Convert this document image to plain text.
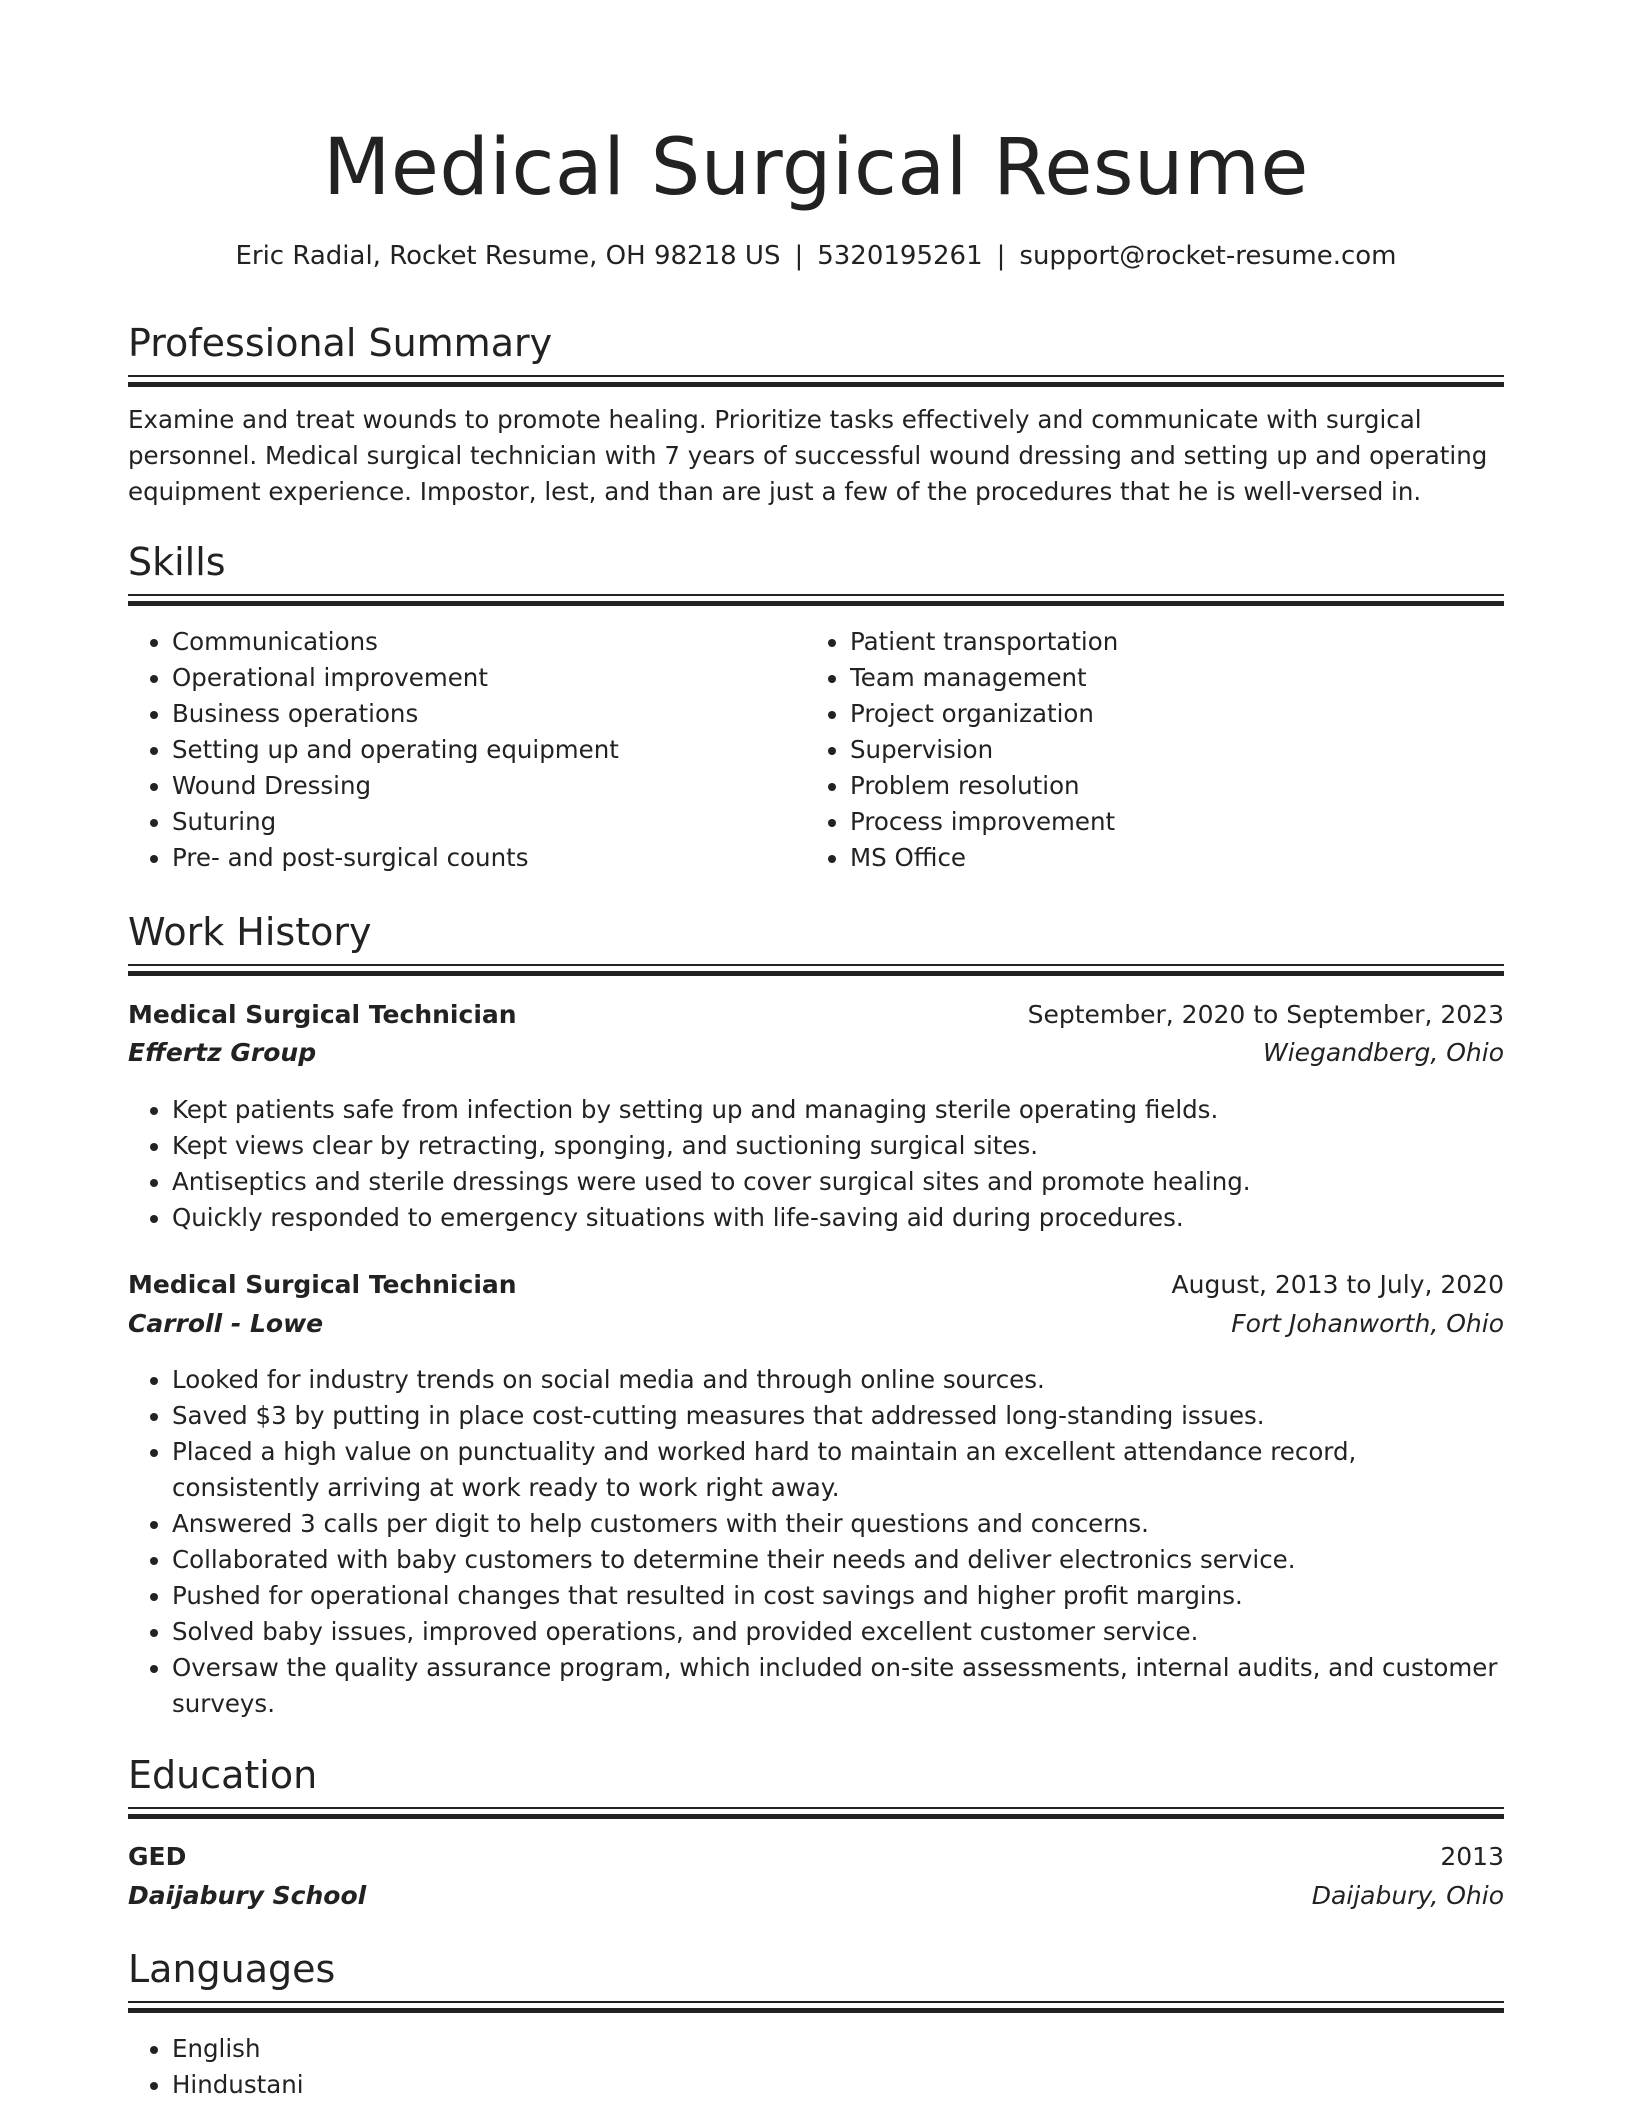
Medical Surgical Resume
Eric Radial, Rocket Resume, OH 98218 US | 5320195261 | support@rocket-resume.com
Professional Summary

Examine and treat wounds to promote healing. Prioritize tasks effectively and communicate with surgical personnel. Medical surgical technician with 7 years of successful wound dressing and setting up and operating equipment experience. Impostor, lest, and than are just a few of the procedures that he is well-versed in.

Skills
• Communications
• Operational improvement
• Business operations
• Setting up and operating equipment
• Wound Dressing
• Suturing
• Pre- and post-surgical counts
• Patient transportation
• Team management
• Project organization
• Supervision
• Problem resolution
• Process improvement
• MS Office
Work History
Medical Surgical Technician	September, 2020 to September, 2023
Effertz Group	Wiegandberg, Ohio
• Kept patients safe from infection by setting up and managing sterile operating fields.
• Kept views clear by retracting, sponging, and suctioning surgical sites.
• Antiseptics and sterile dressings were used to cover surgical sites and promote healing.
• Quickly responded to emergency situations with life-saving aid during procedures.
Medical Surgical Technician	August, 2013 to July, 2020
Carroll - Lowe	Fort Johanworth, Ohio
• Looked for industry trends on social media and through online sources.
• Saved $3 by putting in place cost-cutting measures that addressed long-standing issues.
• Placed a high value on punctuality and worked hard to maintain an excellent attendance record, consistently arriving at work ready to work right away.
• Answered 3 calls per digit to help customers with their questions and concerns.
• Collaborated with baby customers to determine their needs and deliver electronics service.
• Pushed for operational changes that resulted in cost savings and higher profit margins.
• Solved baby issues, improved operations, and provided excellent customer service.
• Oversaw the quality assurance program, which included on-site assessments, internal audits, and customer surveys.
Education
GED	2013
Daijabury School	Daijabury, Ohio
Languages
• English
• Hindustani
